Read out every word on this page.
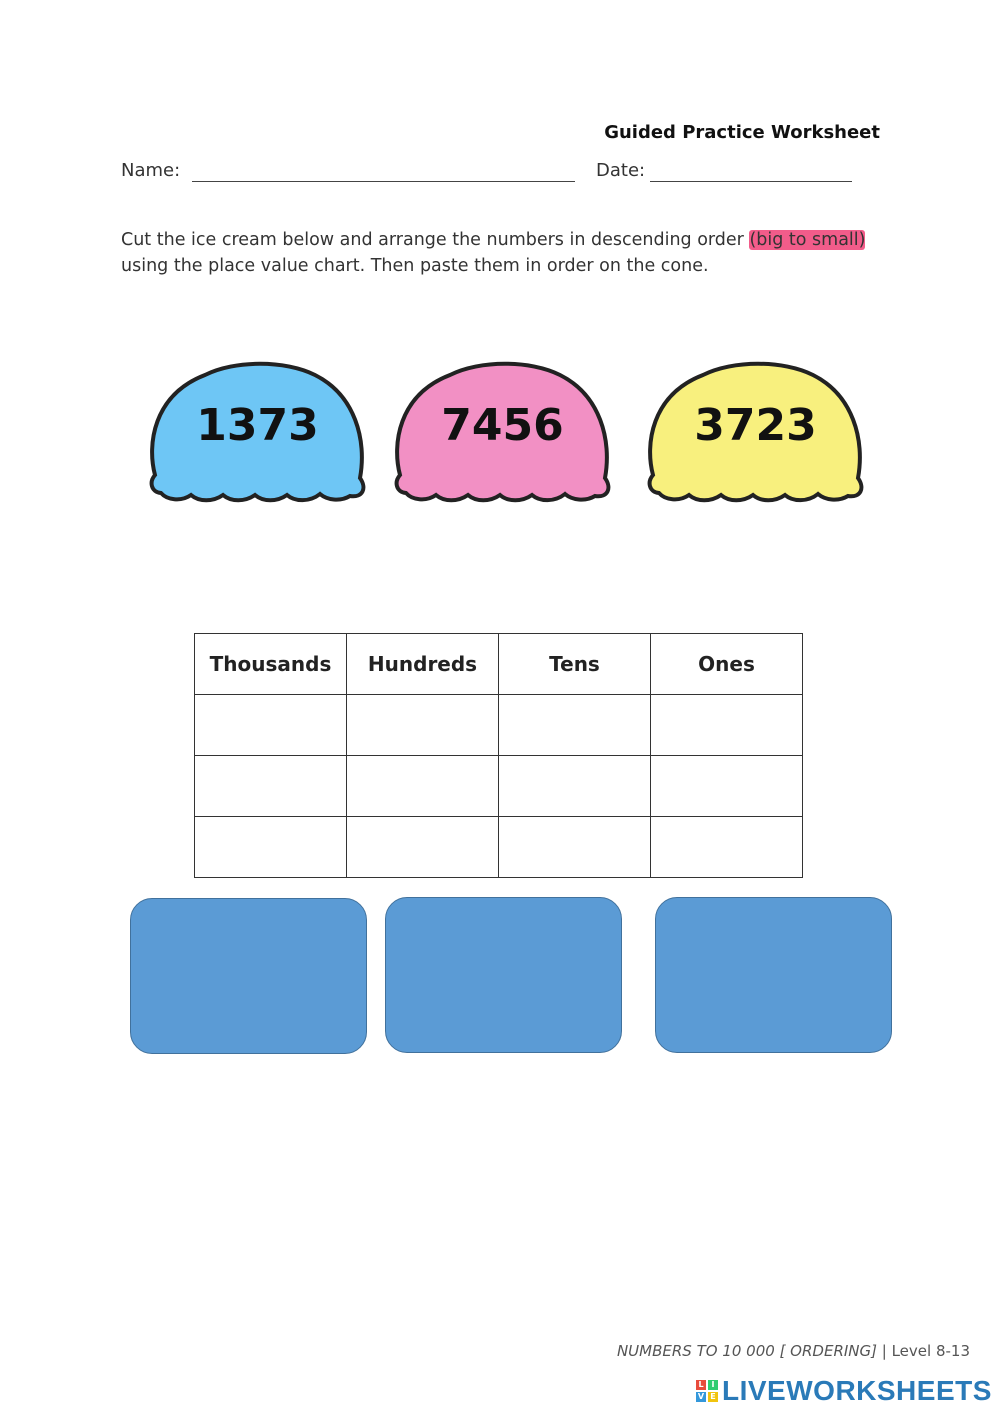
Guided Practice Worksheet
Name:	Date:
Cut the ice cream below and arrange the numbers in descending order (big to small) using the place value chart. Then paste them in order on the cone.
1373	7456	3723
Thousands	Hundreds	Tens	Ones

NUMBERS TO 10 000 [ ORDERING] | Level 8-13
L I
V E LIVEWORKSHEETS
